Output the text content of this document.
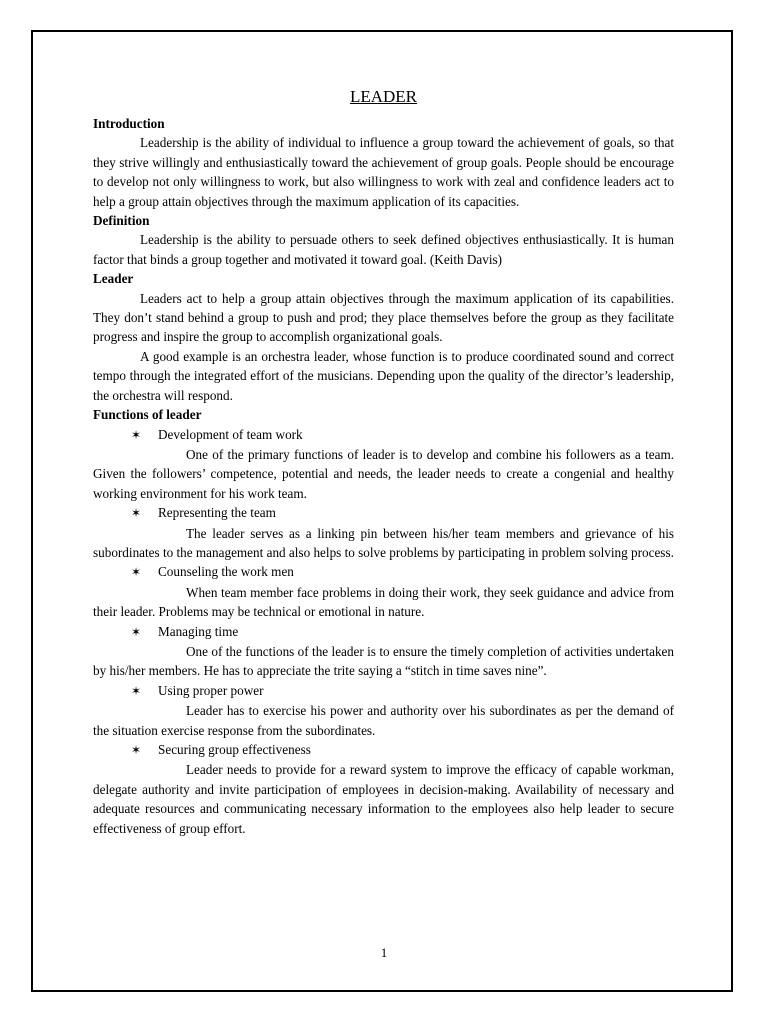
LEADER
Introduction

Leadership is the ability of individual to influence a group toward the achievement of goals, so that they strive willingly and enthusiastically toward the achievement of group goals. People should be encourage to develop not only willingness to work, but also willingness to work with zeal and confidence leaders act to help a group attain objectives through the maximum application of its capacities.

Definition

Leadership is the ability to persuade others to seek defined objectives enthusiastically. It is human factor that binds a group together and motivated it toward goal. (Keith Davis)

Leader

Leaders act to help a group attain objectives through the maximum application of its capabilities. They don’t stand behind a group to push and prod; they place themselves before the group as they facilitate progress and inspire the group to accomplish organizational goals.

A good example is an orchestra leader, whose function is to produce coordinated sound and correct tempo through the integrated effort of the musicians. Depending upon the quality of the director’s leadership, the orchestra will respond.

Functions of leader
✶	Development of team work

One of the primary functions of leader is to develop and combine his followers as a team. Given the followers’ competence, potential and needs, the leader needs to create a congenial and healthy working environment for his work team.

✶	Representing the team

The leader serves as a linking pin between his/her team members and grievance of his subordinates to the management and also helps to solve problems by participating in problem solving process.

✶	Counseling the work men

When team member face problems in doing their work, they seek guidance and advice from their leader. Problems may be technical or emotional in nature.

✶	Managing time

One of the functions of the leader is to ensure the timely completion of activities undertaken by his/her members. He has to appreciate the trite saying a “stitch in time saves nine”.

✶	Using proper power

Leader has to exercise his power and authority over his subordinates as per the demand of the situation exercise response from the subordinates.

✶	Securing group effectiveness

Leader needs to provide for a reward system to improve the efficacy of capable workman, delegate authority and invite participation of employees in decision-making. Availability of necessary and adequate resources and communicating necessary information to the employees also help leader to secure effectiveness of group effort.

1
